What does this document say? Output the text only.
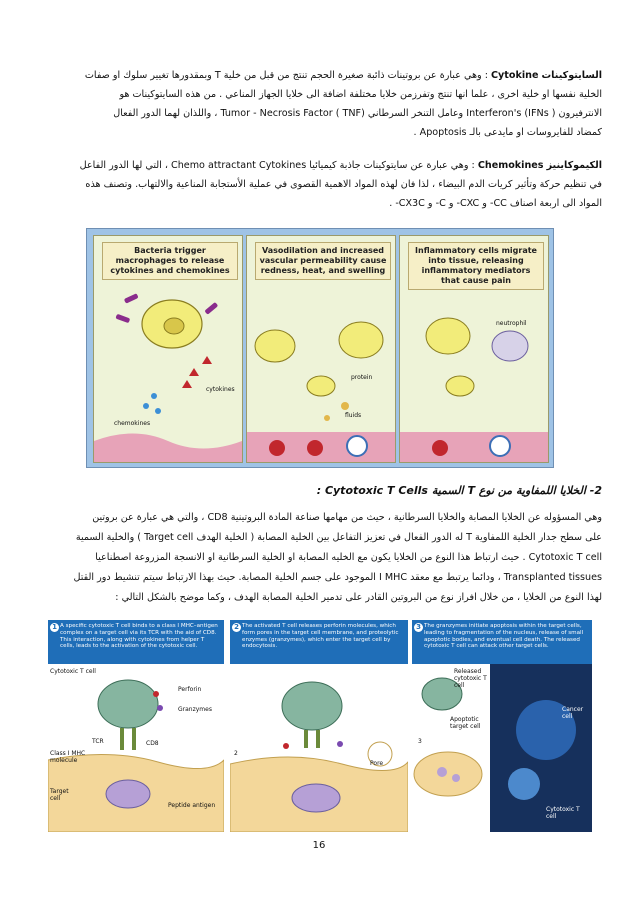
السايتوكينات Cytokine : وهي عبارة عن بروتينات ذائبة صغيرة الحجم تنتج من قبل من خلية T وبمقدورها تغيير سلوك او صفات
الخلية نفسها او خلية اخرى ، علما انها تنتج وتفرزمن خلايا مختلفة اضافة الى خلايا الجهاز المناعي . من هذه السايتوكينات هو
الانترفيرون ( IFNs) Interferon's وعامل التنخر السرطاني (Tumor - Necrosis Factor ( TNF ، واللذان لهما الدور الفعال
كمضاد للفايروسات او مايدعى بالـ Apoptosis .
الكيموكاينيز Chemokines : وهي عبارة عن سايتوكينات جاذبة كيميائيا Chemo attractant Cytokines ، التي لها الدور الفاعل
في تنظيم حركة وتأثير كريات الدم البيضاء ، لذا فان لهذه المواد الاهمية القصوى في عملية الأستجابة المناعية والالتهاب. وتصنف هذه
المواد الى اربعة اصناف CC- و CXC- و C- و CX3C- .
Bacteria trigger macrophages to release cytokines and chemokines
cytokines
chemokines
Vasodilation and increased vascular permeability cause redness, heat, and swelling
protein
fluids
Inflammatory cells migrate into tissue, releasing inflammatory mediators that cause pain
neutrophil
2- الخلايا اللمفاوية من نوع T السمية Cytotoxic T Cells :
وهي المسؤوله عن الخلايا المصابة والخلايا السرطانية ، حيث من مهامها صناعة المادة البروتينية CD8 ، والتي هي عبارة عن بروتين
على سطح جدار الخلية اللمفاوية T له الدور الفعال في تعزيز التفاعل بين الخلية المصابة ( الخلية الهدف Target cell ) والخلية السمية
Cytotoxic T cell . حيث ارتباط هذا النوع من الخلايا يكون مع الخليه المصابة او الخلية السرطانية او الانسجة المزروعة اصطناعيا
Transplanted tissues ، ودائما يرتبط مع معقد I MHC الموجود على جسم الخلية المصابة. حيث بهذا الارتباط سيتم تنشيط دور القتل
لهذا النوع من الخلايا ، من خلال افراز نوع من البروتين القادر على تدمير الخلية المصابة الهدف ، وكما موضح بالشكل التالي :
1 A specific cytotoxic T cell binds to a class I MHC–antigen complex on a target cell via its TCR with the aid of CD8. This interaction, along with cytokines from helper T cells, leads to the activation of the cytotoxic cell.
Cytotoxic T cell
Perforin
Granzymes
TCR	CD8
Class I MHC molecule
Target cell
Peptide antigen
2 The activated T cell releases perforin molecules, which form pores in the target cell membrane, and proteolytic enzymes (granzymes), which enter the target cell by endocytosis.
Pore
2
3 The granzymes initiate apoptosis within the target cells, leading to fragmentation of the nucleus, release of small apoptotic bodies, and eventual cell death. The released cytotoxic T cell can attack other target cells.
Released cytotoxic T cell
3
Apoptotic target cell
Cancer cell
Cytotoxic T cell
16
